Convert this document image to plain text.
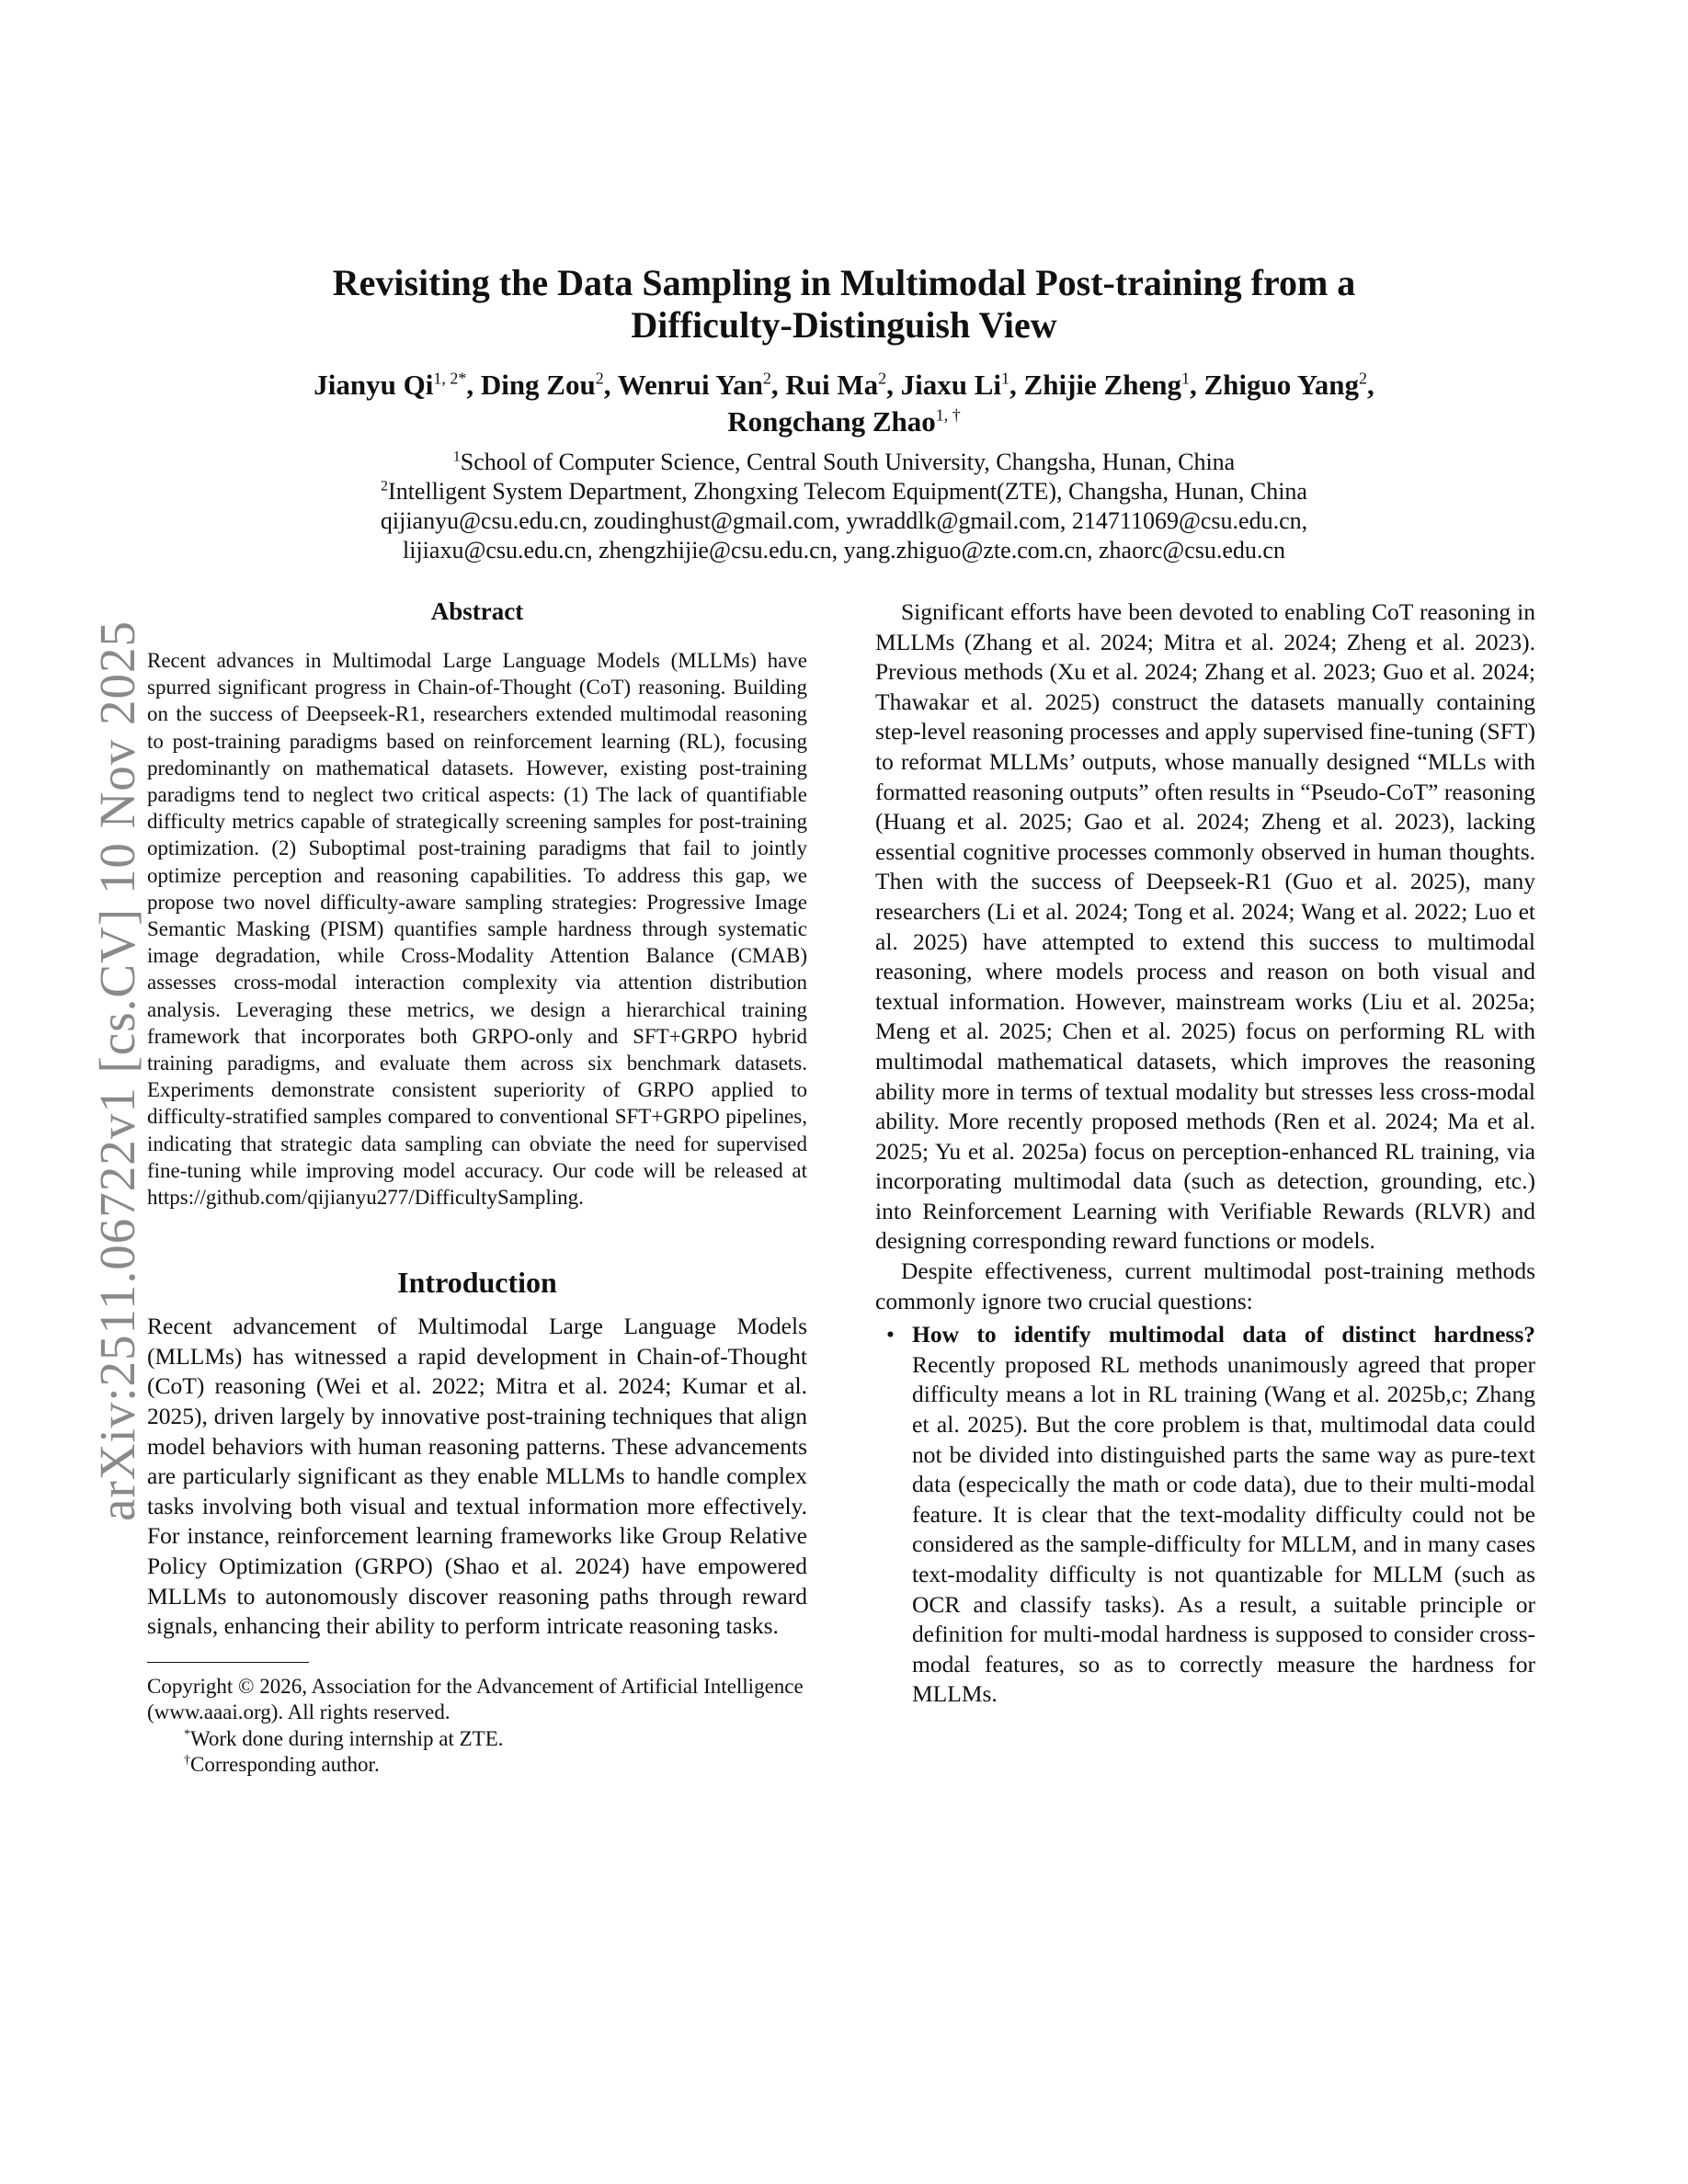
arXiv:2511.06722v1 [cs.CV] 10 Nov 2025
Revisiting the Data Sampling in Multimodal Post-training from a
Difficulty-Distinguish View
Jianyu $Qi^{1, 2*}$, Ding Zou$^2$, Wenrui Yan$^2$, Rui Ma$^2$, Jiaxu Li$^1$, Zhijie Zheng$^1$, Zhiguo Yang$^2$,
Rongchang Zhao$^{1, \dagger}$
$^1$School of Computer Science, Central South University, Changsha, Hunan, China
$^2$Intelligent System Department, Zhongxing Telecom Equipment(ZTE), Changsha, Hunan, China
qijianyu@csu.edu.cn, zoudinghust@gmail.com, ywraddlk@gmail.com, 214711069@csu.edu.cn,
lijiaxu@csu.edu.cn, zhengzhijie@csu.edu.cn, yang.zhiguo@zte.com.cn, zhaorc@csu.edu.cn
Abstract

Recent advances in Multimodal Large Language Models (MLLMs) have spurred significant progress in Chain-of-Thought (CoT) reasoning. Building on the success of Deepseek-R1, researchers extended multimodal reasoning to post-training paradigms based on reinforcement learning (RL), focusing predominantly on mathematical datasets. However, existing post-training paradigms tend to neglect two critical aspects: (1) The lack of quantifiable difficulty metrics capable of strategically screening samples for post-training optimization. (2) Suboptimal post-training paradigms that fail to jointly optimize perception and reasoning capabilities. To address this gap, we propose two novel difficulty-aware sampling strategies: Progressive Image Semantic Masking (PISM) quantifies sample hardness through systematic image degradation, while Cross-Modality Attention Balance (CMAB) assesses cross-modal interaction complexity via attention distribution analysis. Leveraging these metrics, we design a hierarchical training framework that incorporates both GRPO-only and SFT+GRPO hybrid training paradigms, and evaluate them across six benchmark datasets. Experiments demonstrate consistent superiority of GRPO applied to difficulty-stratified samples compared to conventional SFT+GRPO pipelines, indicating that strategic data sampling can obviate the need for supervised fine-tuning while improving model accuracy. Our code will be released at https://github.com/qijianyu277/DifficultySampling.

Introduction

Recent advancement of Multimodal Large Language Models (MLLMs) has witnessed a rapid development in Chain-of-Thought (CoT) reasoning (Wei et al. 2022; Mitra et al. 2024; Kumar et al. 2025), driven largely by innovative post-training techniques that align model behaviors with human reasoning patterns. These advancements are particularly significant as they enable MLLMs to handle complex tasks involving both visual and textual information more effectively. For instance, reinforcement learning frameworks like Group Relative Policy Optimization (GRPO) (Shao et al. 2024) have empowered MLLMs to autonomously discover reasoning paths through reward signals, enhancing their ability to perform intricate reasoning tasks.

Copyright © 2026, Association for the Advancement of Artificial Intelligence (www.aaai.org). All rights reserved.

*Work done during internship at ZTE.

†Corresponding author.

Significant efforts have been devoted to enabling CoT reasoning in MLLMs (Zhang et al. 2024; Mitra et al. 2024; Zheng et al. 2023). Previous methods (Xu et al. 2024; Zhang et al. 2023; Guo et al. 2024; Thawakar et al. 2025) construct the datasets manually containing step-level reasoning processes and apply supervised fine-tuning (SFT) to reformat MLLMs’ outputs, whose manually designed “MLLs with formatted reasoning outputs” often results in “Pseudo-CoT” reasoning (Huang et al. 2025; Gao et al. 2024; Zheng et al. 2023), lacking essential cognitive processes commonly observed in human thoughts. Then with the success of Deepseek-R1 (Guo et al. 2025), many researchers (Li et al. 2024; Tong et al. 2024; Wang et al. 2022; Luo et al. 2025) have attempted to extend this success to multimodal reasoning, where models process and reason on both visual and textual information. However, mainstream works (Liu et al. 2025a; Meng et al. 2025; Chen et al. 2025) focus on performing RL with multimodal mathematical datasets, which improves the reasoning ability more in terms of textual modality but stresses less cross-modal ability. More recently proposed methods (Ren et al. 2024; Ma et al. 2025; Yu et al. 2025a) focus on perception-enhanced RL training, via incorporating multimodal data (such as detection, grounding, etc.) into Reinforcement Learning with Verifiable Rewards (RLVR) and designing corresponding reward functions or models.

Despite effectiveness, current multimodal post-training methods commonly ignore two crucial questions:

• How to identify multimodal data of distinct hardness? Recently proposed RL methods unanimously agreed that proper difficulty means a lot in RL training (Wang et al. 2025b,c; Zhang et al. 2025). But the core problem is that, multimodal data could not be divided into distinguished parts the same way as pure-text data (especically the math or code data), due to their multi-modal feature. It is clear that the text-modality difficulty could not be considered as the sample-difficulty for MLLM, and in many cases text-modality difficulty is not quantizable for MLLM (such as OCR and classify tasks). As a result, a suitable principle or definition for multi-modal hardness is supposed to consider cross-modal features, so as to correctly measure the hardness for MLLMs.
